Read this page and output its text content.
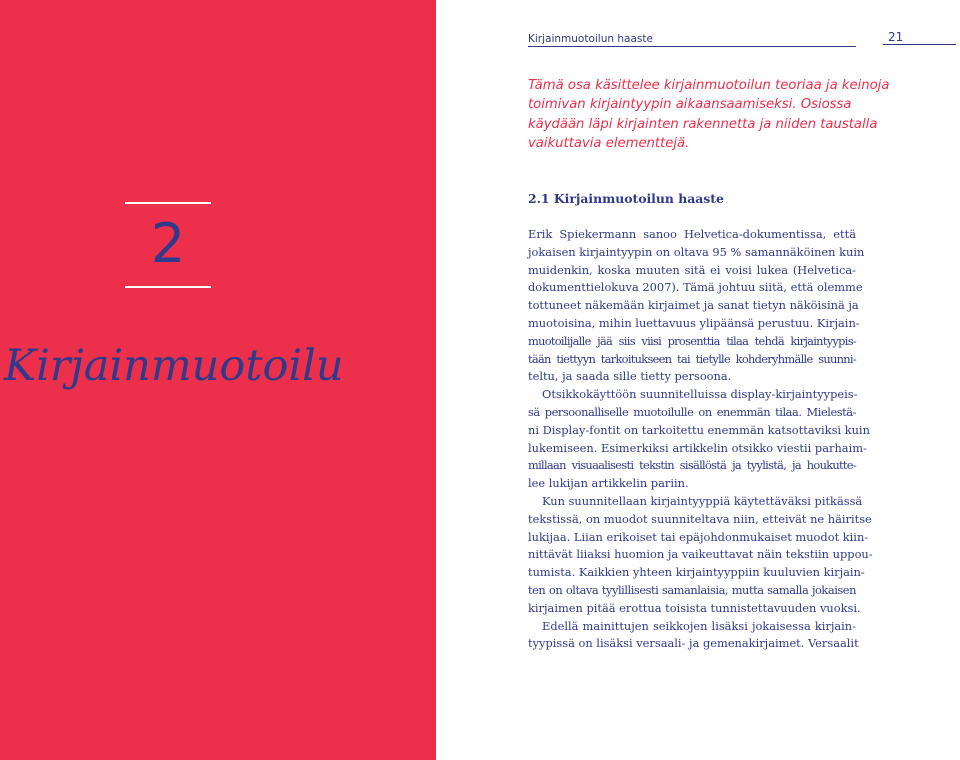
2
Kirjainmuotoilu
Kirjainmuotoilun haaste	21
Tämä osa käsittelee kirjainmuotoilun teoriaa ja keinoja
toimivan kirjaintyypin aikaansaamiseksi. Osiossa
käydään läpi kirjainten rakennetta ja niiden taustalla
vaikuttavia elementtejä.
2.1 Kirjainmuotoilun haaste
Erik Spiekermann sanoo Helvetica-dokumentissa, että
jokaisen kirjaintyypin on oltava 95 % samannäköinen kuin
muidenkin, koska muuten sitä ei voisi lukea (Helvetica-
dokumenttielokuva 2007). Tämä johtuu siitä, että olemme
tottuneet näkemään kirjaimet ja sanat tietyn näköisinä ja
muotoisina, mihin luettavuus ylipäänsä perustuu. Kirjain-
muotoilijalle jää siis viisi prosenttia tilaa tehdä kirjaintyypis-
tään tiettyyn tarkoitukseen tai tietylle kohderyhmälle suunni-
teltu, ja saada sille tietty persoona.
Otsikkokäyttöön suunnitelluissa display-kirjaintyypeis-
sä persoonalliselle muotoilulle on enemmän tilaa. Mielestä-
ni Display-fontit on tarkoitettu enemmän katsottaviksi kuin
lukemiseen. Esimerkiksi artikkelin otsikko viestii parhaim-
millaan visuaalisesti tekstin sisällöstä ja tyylistä, ja houkutte-
lee lukijan artikkelin pariin.
Kun suunnitellaan kirjaintyyppiä käytettäväksi pitkässä
tekstissä, on muodot suunniteltava niin, etteivät ne häiritse
lukijaa. Liian erikoiset tai epäjohdonmukaiset muodot kiin-
nittävät liiaksi huomion ja vaikeuttavat näin tekstiin uppou-
tumista. Kaikkien yhteen kirjaintyyppiin kuuluvien kirjain-
ten on oltava tyylillisesti samanlaisia, mutta samalla jokaisen
kirjaimen pitää erottua toisista tunnistettavuuden vuoksi.
Edellä mainittujen seikkojen lisäksi jokaisessa kirjain-
tyypissä on lisäksi versaali- ja gemenakirjaimet. Versaalit
